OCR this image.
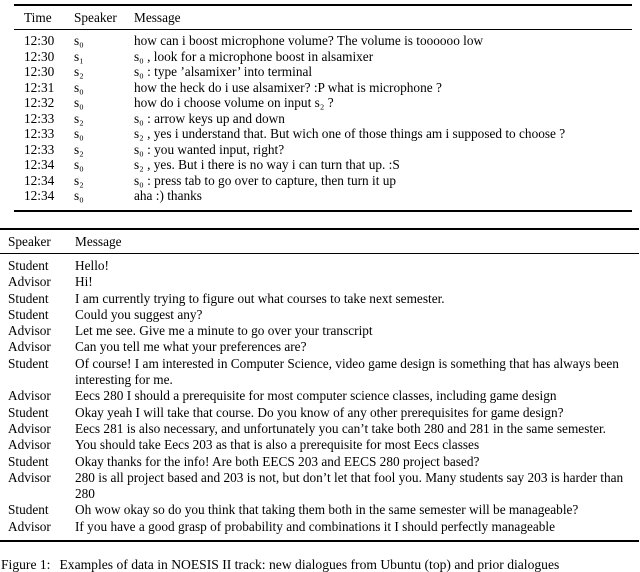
Time	Speaker	Message
12:30	s₀	how can i boost microphone volume? The volume is toooooo low
12:30	s₁	s₀ , look for a microphone boost in alsamixer
12:30	s₂	s₀ : type ’alsamixer’ into terminal
12:31	s₀	how the heck do i use alsamixer? :P what is microphone ?
12:32	s₀	how do i choose volume on input s₂ ?
12:33	s₂	s₀ : arrow keys up and down
12:33	s₀	s₂ , yes i understand that. But wich one of those things am i supposed to choose ?
12:33	s₂	s₀ : you wanted input, right?
12:34	s₀	s₂ , yes. But i there is no way i can turn that up. :S
12:34	s₂	s₀ : press tab to go over to capture, then turn it up
12:34	s₀	aha :) thanks
Speaker	Message
Student	Hello!
Advisor	Hi!
Student	I am currently trying to figure out what courses to take next semester.
Student	Could you suggest any?
Advisor	Let me see. Give me a minute to go over your transcript
Advisor	Can you tell me what your preferences are?
Student	Of course! I am interested in Computer Science, video game design is something that has always been interesting for me.
Advisor	Eecs 280 I should a prerequisite for most computer science classes, including game design
Student	Okay yeah I will take that course. Do you know of any other prerequisites for game design?
Advisor	Eecs 281 is also necessary, and unfortunately you can’t take both 280 and 281 in the same semester.
Advisor	You should take Eecs 203 as that is also a prerequisite for most Eecs classes
Student	Okay thanks for the info! Are both EECS 203 and EECS 280 project based?
Advisor	280 is all project based and 203 is not, but don’t let that fool you. Many students say 203 is harder than 280
Student	Oh wow okay so do you think that taking them both in the same semester will be manageable?
Advisor	If you have a good grasp of probability and combinations it I should perfectly manageable
Figure 1: Examples of data in NOESIS II track: new dialogues from Ubuntu (top) and prior dialogues
